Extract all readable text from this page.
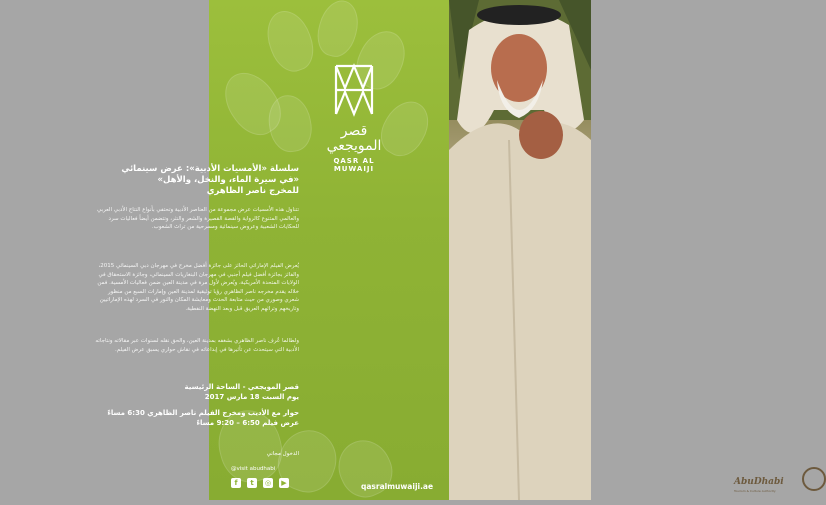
قصر المويجعي
QASR AL MUWAIJI
سلسلة «الأمسيات الأدبية»: عرض سينمائي
«في سيرة الماء، والنخل، والأهل»
للمخرج ناصر الظاهري
تتناول هذه الأمسيات عرض مجموعة من العناصر الأدبية وتحتفي بأنواع النتاج الأدبي العربي والعالمي المتنوع كالرواية والقصة القصيرة والشعر والنثر، وتتضمن أيضاً فعاليات سرد للحكايات الشعبية وعروض سينمائية ومسرحية من تراث الشعوب.
يُعرض الفيلم الإماراتي الحائز على جائزة أفضل مخرج في مهرجان دبي السينمائي 2015، والفائز بجائزة أفضل فيلم أجنبي في مهرجان البنغاريات السينمائي، وجائزة الاستحقاق في الولايات المتحدة الأمريكية، ويُعرض لأول مرة في مدينة العين ضمن فعاليات الأمسية. فمن خلاله يقدم مخرجه ناصر الظاهري رؤيا توثيقية لمدينة العين وإمارات السبع من منظور شعري وصوري من حيث متابعة الحدث ومعايشة المكان والنور في السرد لهذه الإماراتيين وتاريخهم وتراثهم العريق قبل وبعد النهضة النفطية.
ولطالما عُرف ناصر الظاهري بشغفه بمدينة العين، والحق نقله لسنوات عبر مقالاته ونتاجاته الأدبية التي سيتحدث عن تأثيرها في إبداعاته في نقاش حواري يسبق عرض الفيلم.
قصر المويجعي - الساحة الرئيسية
يوم السبت 18 مارس 2017
حوار مع الأديب ومخرج الفيلم ناصر الظاهري 6:30 مساءً
عرض فيلم 6:50 – 9:20 مساءً
الدخول مجاني
@visit abudhabi
f	t	◎	▶	qasralmuwaiji.ae	AbuDhabi
Tourism & Culture Authority
